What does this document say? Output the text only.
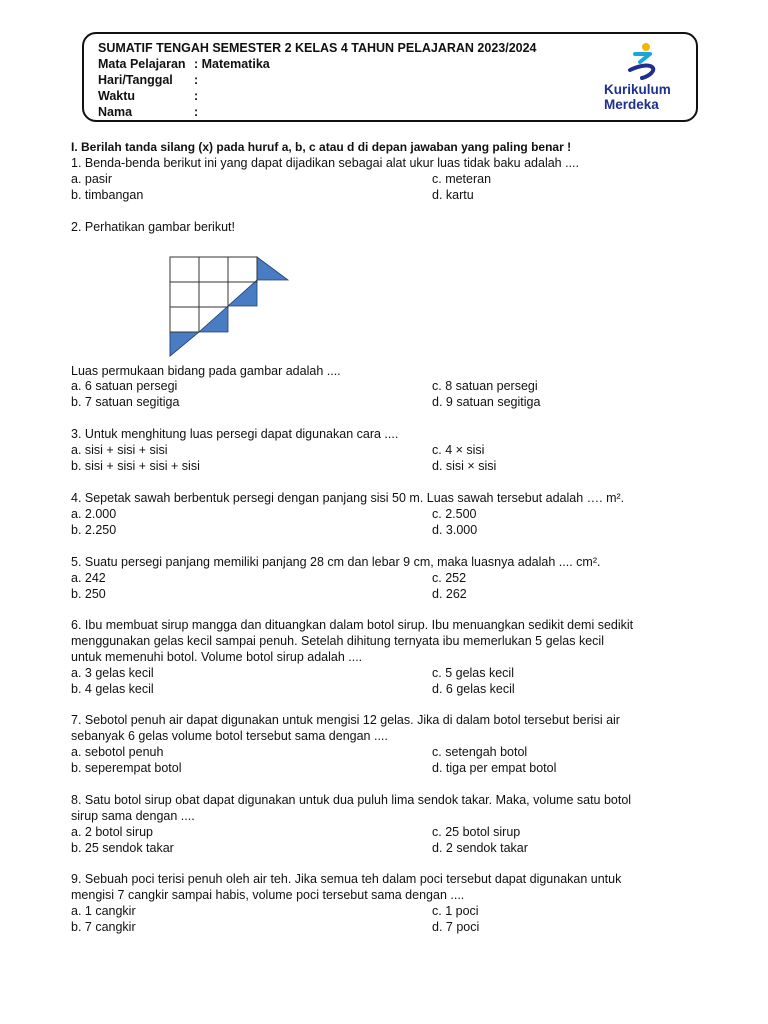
SUMATIF TENGAH SEMESTER 2 KELAS 4 TAHUN PELAJARAN 2023/2024
Mata Pelajaran : Matematika
Hari/Tanggal :
Waktu	:
Nama	:
Kurikulum
Merdeka
I. Berilah tanda silang (x) pada huruf a, b, c atau d di depan jawaban yang paling benar !
1. Benda-benda berikut ini yang dapat dijadikan sebagai alat ukur luas tidak baku adalah ....
a. pasir
b. timbangan
c. meteran
d. kartu
2. Perhatikan gambar berikut!
Luas permukaan bidang pada gambar adalah ....
a. 6 satuan persegi
b. 7 satuan segitiga
c. 8 satuan persegi
d. 9 satuan segitiga
3. Untuk menghitung luas persegi dapat digunakan cara ....
a. sisi + sisi + sisi
b. sisi + sisi + sisi + sisi
c. 4 × sisi
d. sisi × sisi
4. Sepetak sawah berbentuk persegi dengan panjang sisi 50 m. Luas sawah tersebut adalah …. m².
a. 2.000
b. 2.250
c. 2.500
d. 3.000
5. Suatu persegi panjang memiliki panjang 28 cm dan lebar 9 cm, maka luasnya adalah .... cm².
a. 242
b. 250
c. 252
d. 262
6. Ibu membuat sirup mangga dan dituangkan dalam botol sirup. Ibu menuangkan sedikit demi sedikit
menggunakan gelas kecil sampai penuh. Setelah dihitung ternyata ibu memerlukan 5 gelas kecil
untuk memenuhi botol. Volume botol sirup adalah ....
a. 3 gelas kecil
b. 4 gelas kecil
c. 5 gelas kecil
d. 6 gelas kecil
7. Sebotol penuh air dapat digunakan untuk mengisi 12 gelas. Jika di dalam botol tersebut berisi air
sebanyak 6 gelas volume botol tersebut sama dengan ....
a. sebotol penuh
b. seperempat botol
c. setengah botol
d. tiga per empat botol
8. Satu botol sirup obat dapat digunakan untuk dua puluh lima sendok takar. Maka, volume satu botol
sirup sama dengan ....
a. 2 botol sirup
b. 25 sendok takar
c. 25 botol sirup
d. 2 sendok takar
9. Sebuah poci terisi penuh oleh air teh. Jika semua teh dalam poci tersebut dapat digunakan untuk
mengisi 7 cangkir sampai habis, volume poci tersebut sama dengan ....
a. 1 cangkir
b. 7 cangkir
c. 1 poci
d. 7 poci
